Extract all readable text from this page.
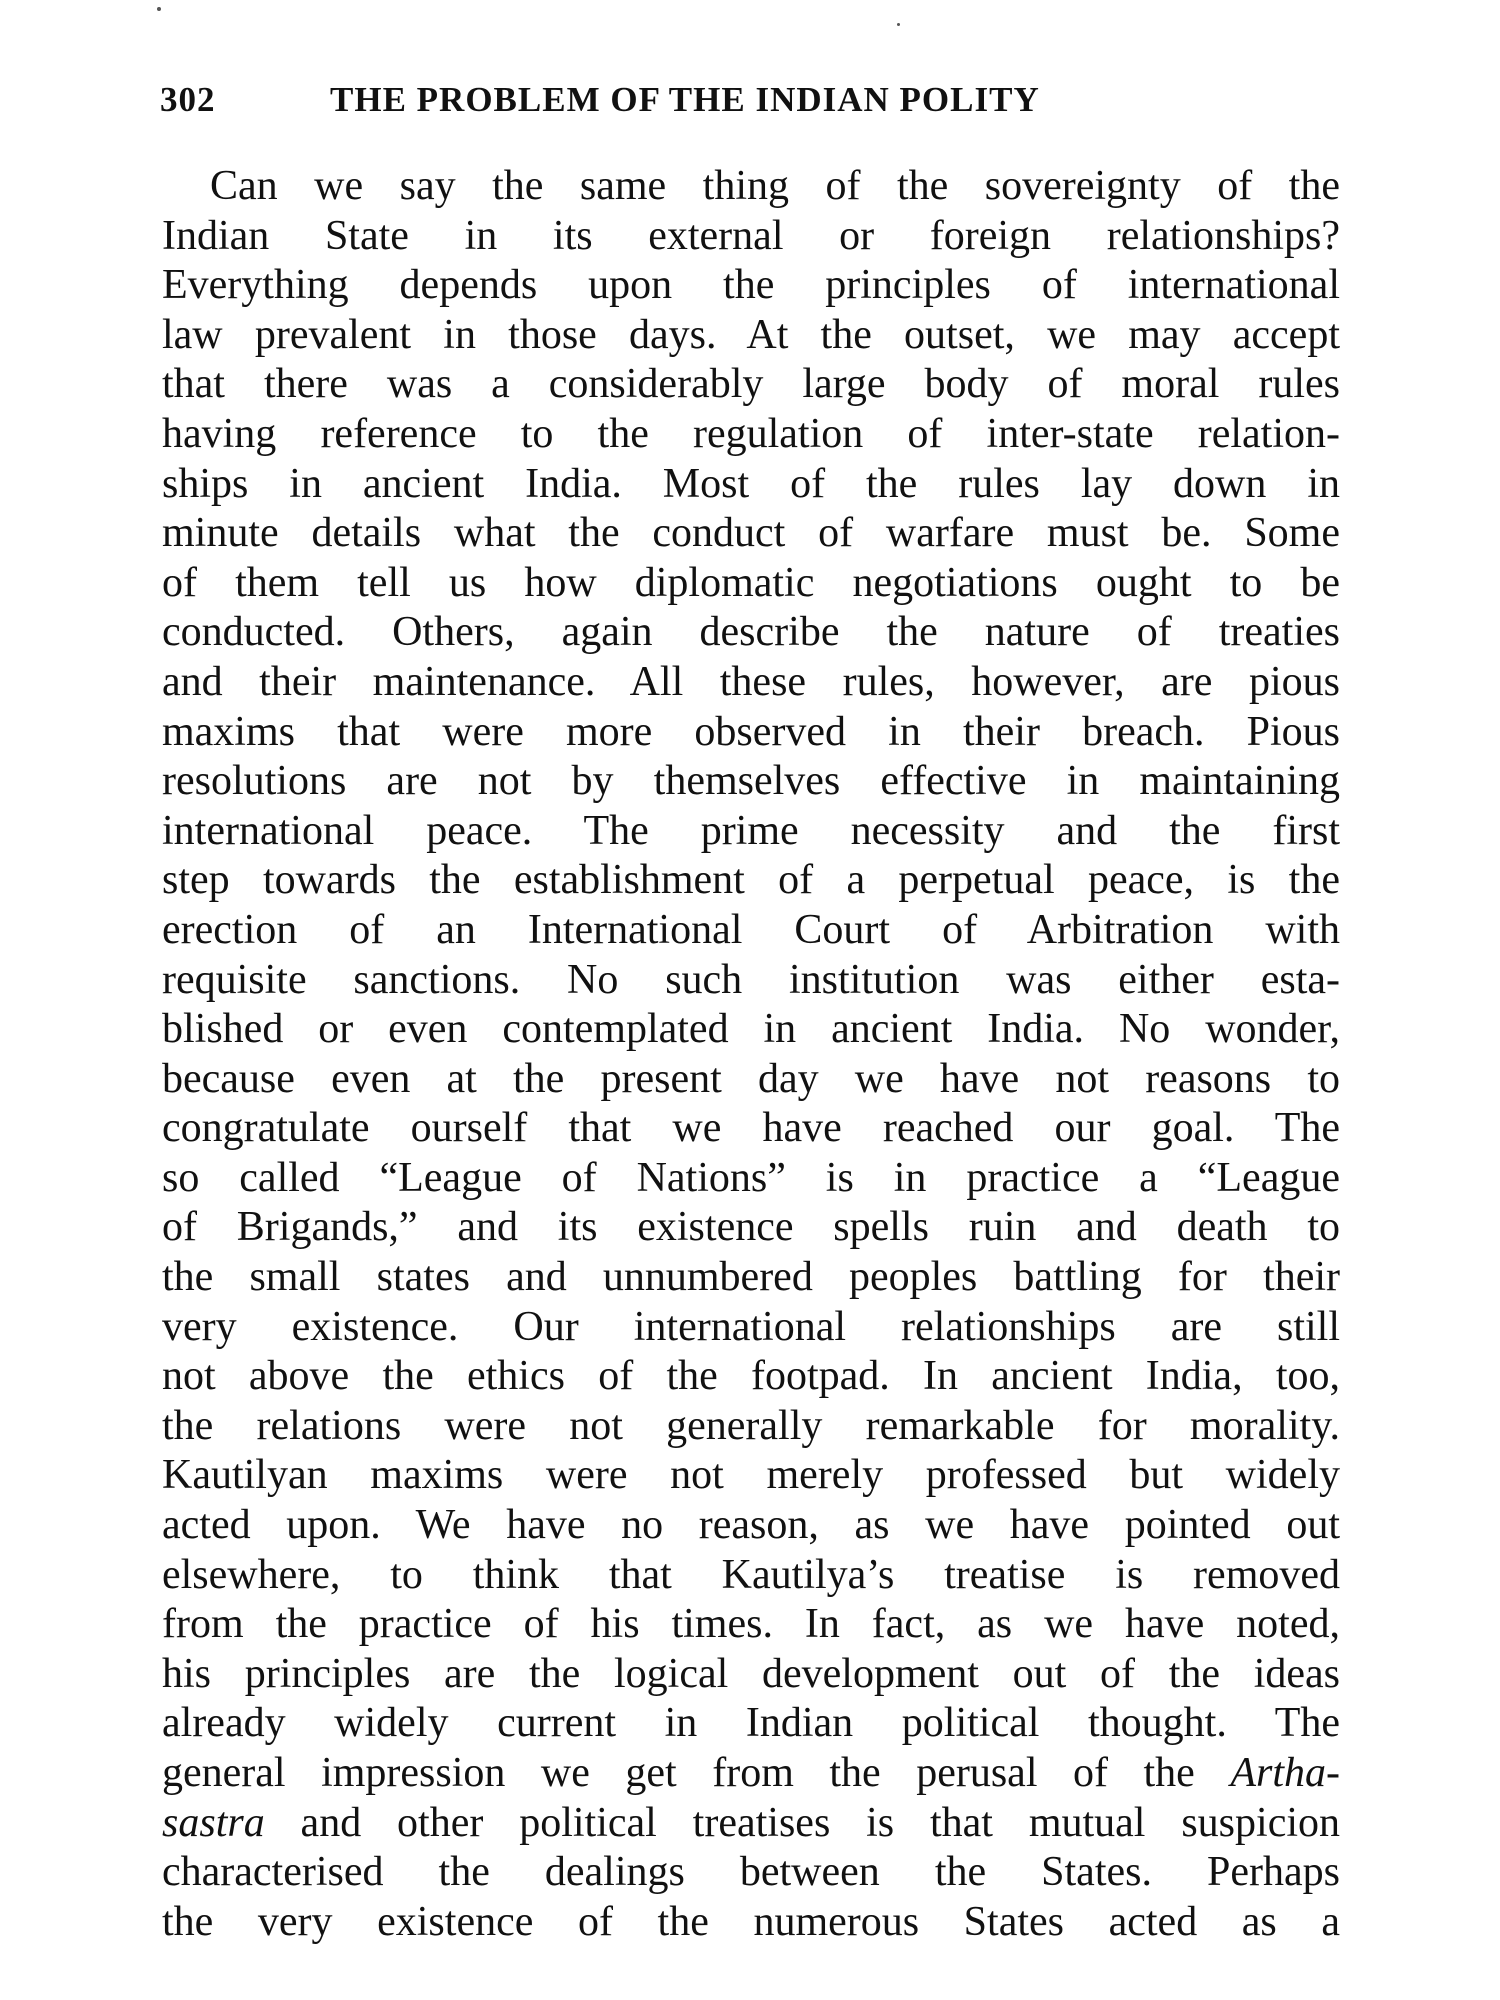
302	THE PROBLEM OF THE INDIAN POLITY
Can we say the same thing of the sovereignty of the
Indian State in its external or foreign relationships?
Everything depends upon the principles of international
law prevalent in those days. At the outset, we may accept
that there was a considerably large body of moral rules
having reference to the regulation of inter-state relation-
ships in ancient India. Most of the rules lay down in
minute details what the conduct of warfare must be. Some
of them tell us how diplomatic negotiations ought to be
conducted. Others, again describe the nature of treaties
and their maintenance. All these rules, however, are pious
maxims that were more observed in their breach. Pious
resolutions are not by themselves effective in maintaining
international peace. The prime necessity and the first
step towards the establishment of a perpetual peace, is the
erection of an International Court of Arbitration with
requisite sanctions. No such institution was either esta-
blished or even contemplated in ancient India. No wonder,
because even at the present day we have not reasons to
congratulate ourself that we have reached our goal. The
so called “League of Nations” is in practice a “League
of Brigands,” and its existence spells ruin and death to
the small states and unnumbered peoples battling for their
very existence. Our international relationships are still
not above the ethics of the footpad. In ancient India, too,
the relations were not generally remarkable for morality.
Kautilyan maxims were not merely professed but widely
acted upon. We have no reason, as we have pointed out
elsewhere, to think that Kautilya’s treatise is removed
from the practice of his times. In fact, as we have noted,
his principles are the logical development out of the ideas
already widely current in Indian political thought. The
general impression we get from the perusal of the Artha-
sastra and other political treatises is that mutual suspicion
characterised the dealings between the States. Perhaps
the very existence of the numerous States acted as a
